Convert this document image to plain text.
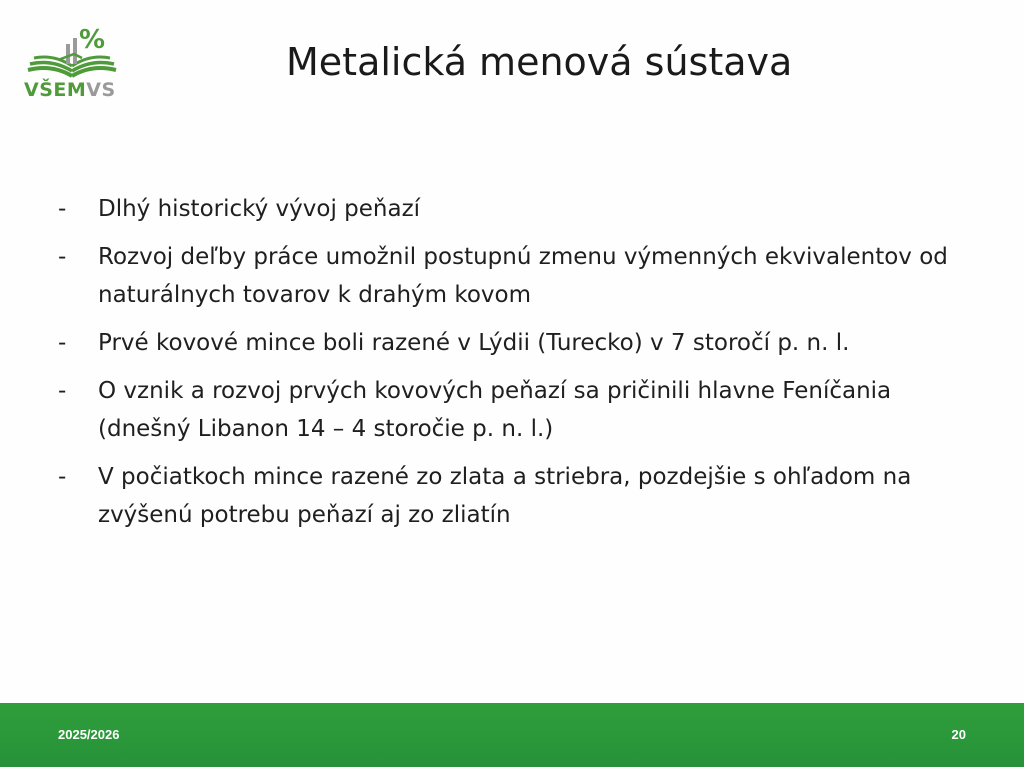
%
VŠEMVS
Metalická menová sústava
- Dlhý historický vývoj peňazí
- Rozvoj deľby práce umožnil postupnú zmenu výmenných ekvivalentov od naturálnych tovarov k drahým kovom
- Prvé kovové mince boli razené v Lýdii (Turecko) v 7 storočí p. n. l.
- O vznik a rozvoj prvých kovových peňazí sa pričinili hlavne Feníčania (dnešný Libanon 14 – 4 storočie p. n. l.)
- V počiatkoch mince razené zo zlata a striebra, pozdejšie s ohľadom na zvýšenú potrebu peňazí aj zo zliatín
2025/2026	20
